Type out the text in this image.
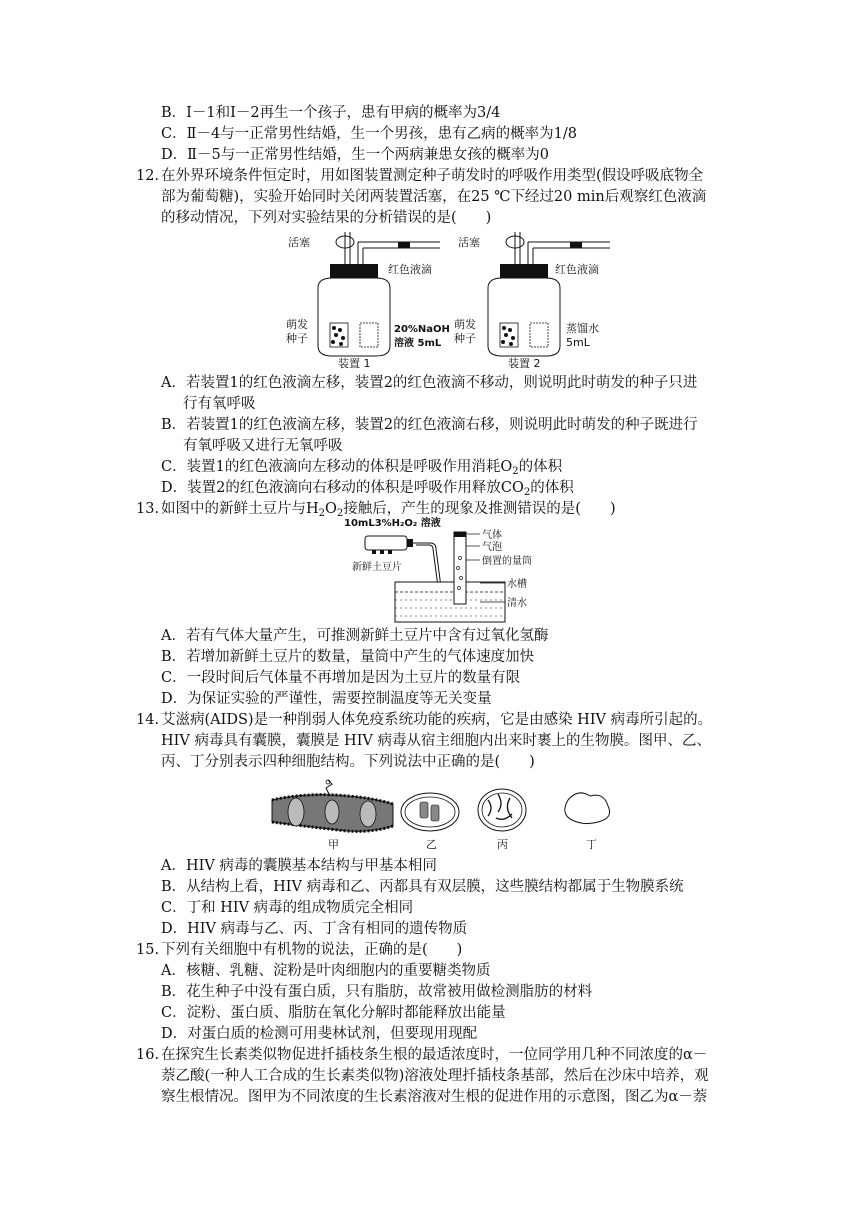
B．Ⅰ－1和Ⅰ－2再生一个孩子，患有甲病的概率为3/4
C．Ⅱ－4与一正常男性结婚，生一个男孩，患有乙病的概率为1/8
D．Ⅱ－5与一正常男性结婚，生一个两病兼患女孩的概率为0
12. 在外界环境条件恒定时，用如图装置测定种子萌发时的呼吸作用类型(假设呼吸底物全
部为葡萄糖)，实验开始同时关闭两装置活塞，在25 ℃下经过20 min后观察红色液滴
的移动情况，下列对实验结果的分析错误的是(　　)
活塞
红色液滴
萌发
种子
20%NaOH
溶液 5mL
装置 1
活塞
红色液滴
萌发
种子
蒸馏水
5mL
装置 2
A．若装置1的红色液滴左移，装置2的红色液滴不移动，则说明此时萌发的种子只进
行有氧呼吸
B．若装置1的红色液滴左移，装置2的红色液滴右移，则说明此时萌发的种子既进行
有氧呼吸又进行无氧呼吸
C．装置1的红色液滴向左移动的体积是呼吸作用消耗$O_2$的体积
D．装置2的红色液滴向右移动的体积是呼吸作用释放$CO_2$的体积
13. 如图中的新鲜土豆片与$H_2O_2$接触后，产生的现象及推测错误的是(　　)
10mL3%H₂O₂ 溶液
新鲜土豆片
气体
气泡
倒置的量筒
水槽
清水
A．若有气体大量产生，可推测新鲜土豆片中含有过氧化氢酶
B．若增加新鲜土豆片的数量，量筒中产生的气体速度加快
C．一段时间后气体量不再增加是因为土豆片的数量有限
D．为保证实验的严谨性，需要控制温度等无关变量
14. 艾滋病(AIDS)是一种削弱人体免疫系统功能的疾病，它是由感染 HIV 病毒所引起的。
HIV 病毒具有囊膜，囊膜是 HIV 病毒从宿主细胞内出来时裹上的生物膜。图甲、乙、
丙、丁分别表示四种细胞结构。下列说法中正确的是(　　)
甲	乙	丙	丁
A．HIV 病毒的囊膜基本结构与甲基本相同
B．从结构上看，HIV 病毒和乙、丙都具有双层膜，这些膜结构都属于生物膜系统
C．丁和 HIV 病毒的组成物质完全相同
D．HIV 病毒与乙、丙、丁含有相同的遗传物质
15. 下列有关细胞中有机物的说法，正确的是(　　)
A．核糖、乳糖、淀粉是叶肉细胞内的重要糖类物质
B．花生种子中没有蛋白质，只有脂肪，故常被用做检测脂肪的材料
C．淀粉、蛋白质、脂肪在氧化分解时都能释放出能量
D．对蛋白质的检测可用斐林试剂，但要现用现配
16. 在探究生长素类似物促进扦插枝条生根的最适浓度时，一位同学用几种不同浓度的α－
萘乙酸(一种人工合成的生长素类似物)溶液处理扦插枝条基部，然后在沙床中培养，观
察生根情况。图甲为不同浓度的生长素溶液对生根的促进作用的示意图，图乙为α－萘
